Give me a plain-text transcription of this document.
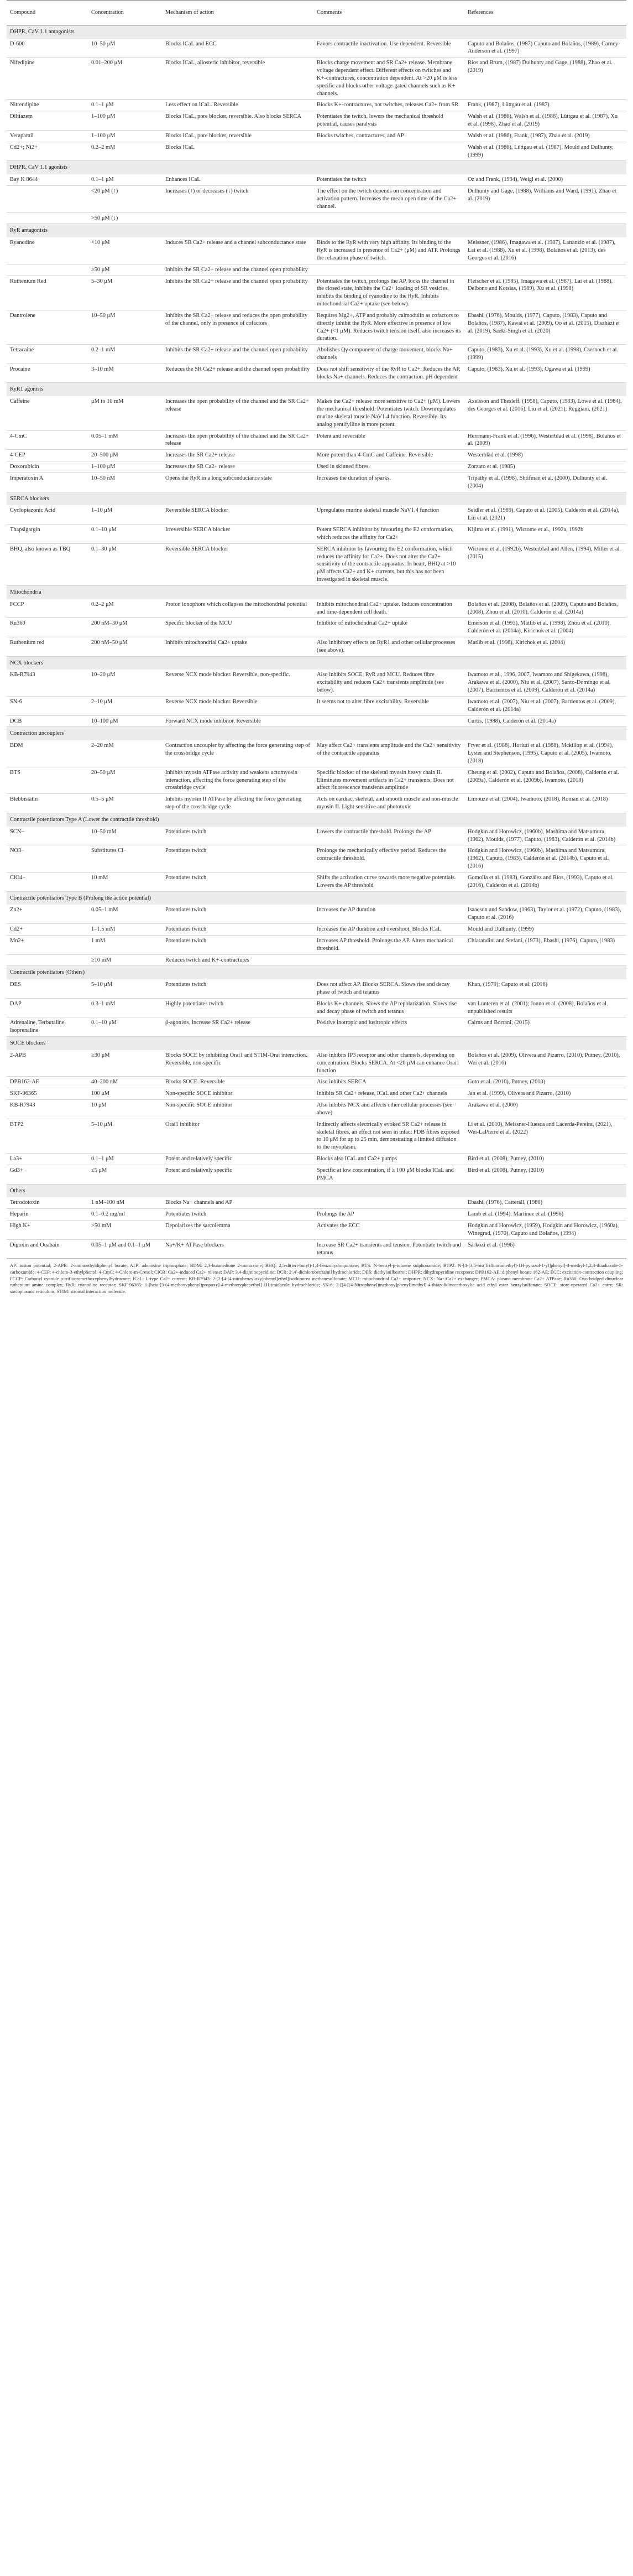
Compound	Concentration	Mechanism of action	Comments	References
DHPR, CaV 1.1 antagonists				
D-600	10–50 μM	Blocks ICaL and ECC	Favors contractile inactivation. Use dependent. Reversible	Caputo and Bolaños, (1987) Caputo and Bolaños, (1989), Carney-Anderson et al. (1997)
Nifedipine	0.01–200 μM	Blocks ICaL, allosteric inhibitor, reversible	Blocks charge movement and SR Ca2+ release. Membrane voltage dependent effect. Different effects on twitches and K+-contractures, concentration dependent. At >20 μM is less specific and blocks other voltage-gated channels such as K+ channels.	Ríos and Brum, (1987) Dulhunty and Gage, (1988), Zhao et al. (2019)
Nitrendipine	0.1–1 μM	Less effect on ICaL. Reversible	Blocks K+-contractures, not twitches, releases Ca2+ from SR	Frank, (1987), Lüttgau et al. (1987)
Diltiazem	1–100 μM	Blocks ICaL, pore blocker, reversible. Also blocks SERCA	Potentiates the twitch, lowers the mechanical threshold potential, causes paralysis	Walsh et al. (1986), Walsh et al. (1988), Lüttgau et al. (1987), Xu et al. (1998), Zhao et al. (2019)
Verapamil	1–100 μM	Blocks ICaL, pore blocker, reversible	Blocks twitches, contractures, and AP	Walsh et al. (1986), Frank, (1987), Zhao et al. (2019)
Cd2+; Ni2+	0.2–2 mM	Blocks ICaL		Walsh et al. (1986), Lüttgau et al. (1987), Mould and Dulhunty, (1999)
DHPR, CaV 1.1 agonists				
Bay K 8644	0.1–1 μM	Enhances ICaL	Potentiates the twitch	Oz and Frank, (1994), Weigl et al. (2000)
	<20 μM (↑)	Increases (↑) or decreases (↓) twitch	The effect on the twitch depends on concentration and activation pattern. Increases the mean open time of the Ca2+ channel.	Dulhunty and Gage, (1988), Williams and Ward, (1991), Zhao et al. (2019)
	>50 μM (↓)			
RyR antagonists				
Ryanodine	<10 μM	Induces SR Ca2+ release and a channel subconductance state	Binds to the RyR with very high affinity. Its binding to the RyR is increased in presence of Ca2+ (μM) and ATP. Prolongs the relaxation phase of twitch.	Meissner, (1986), Imagawa et al. (1987), Lattanzio et al. (1987), Lai et al. (1988), Xu et al. (1998), Bolaños et al. (2013), des Georges et al. (2016)
	≥50 μM	Inhibits the SR Ca2+ release and the channel open probability		
Ruthenium Red	5–30 μM	Inhibits the SR Ca2+ release and the channel open probability	Potentiates the twitch, prolongs the AP, locks the channel in the closed state, inhibits the Ca2+ loading of SR vesicles, inhibits the binding of ryanodine to the RyR. Inhibits mitochondrial Ca2+ uptake (see below).	Fleischer et al. (1985), Imagawa et al. (1987), Lai et al. (1988), Delbono and Kotsias, (1989), Xu et al. (1998)
Dantrolene	10–50 μM	Inhibits the SR Ca2+ release and reduces the open probability of the channel, only in presence of cofactors	Requires Mg2+, ATP and probably calmodulin as cofactors to directly inhibit the RyR. More effective in presence of low Ca2+ (<1 μM). Reduces twitch tension itself, also increases its duration.	Ebashi, (1976), Moulds, (1977), Caputo, (1983), Caputo and Bolaños, (1987), Kawai et al. (2009), Oo et al. (2015), Diszházi et al. (2019), Saeki-Singh et al. (2020)
Tetracaine	0.2–1 mM	Inhibits the SR Ca2+ release and the channel open probability	Abolishes Qγ component of charge movement, blocks Na+ channels	Caputo, (1983), Xu et al. (1993), Xu et al. (1998), Csernoch et al. (1999)
Procaine	3–10 mM	Reduces the SR Ca2+ release and the channel open probability	Does not shift sensitivity of the RyR to Ca2+. Reduces the AP, blocks Na+ channels. Reduces the contraction. pH dependent	Caputo, (1983), Xu et al. (1993), Ogawa et al. (1999)
RyR1 agonists				
Caffeine	μM to 10 mM	Increases the open probability of the channel and the SR Ca2+ release	Makes the Ca2+ release more sensitive to Ca2+ (μM). Lowers the mechanical threshold. Potentiates twitch. Downregulates murine skeletal muscle NaV1.4 function. Reversible. Its analog pentifylline is more potent.	Axelsson and Thesleff, (1958), Caputo, (1983), Lowe et al. (1984), des Georges et al. (2016), Liu et al. (2021), Reggiani, (2021)
4-CmC	0.05–1 mM	Increases the open probability of the channel and the SR Ca2+ release	Potent and reversible	Herrmann-Frank et al. (1996), Westerblad et al. (1998), Bolaños et al. (2009)
4-CEP	20–500 μM	Increases the SR Ca2+ release	More potent than 4-CmC and Caffeine. Reversible	Westerblad et al. (1998)
Doxorubicin	1–100 μM	Increases the SR Ca2+ release	Used in skinned fibres.	Zorzato et al. (1985)
Imperatoxin A	10–50 nM	Opens the RyR in a long subconductance state	Increases the duration of sparks.	Tripathy et al. (1998), Shtifman et al. (2000), Dulhunty et al. (2004)
SERCA blockers				
Cyclopiazonic Acid	1–10 μM	Reversible SERCA blocker	Upregulates murine skeletal muscle NaV1.4 function	Seidler et al. (1989), Caputo et al. (2005), Calderón et al. (2014a), Liu et al. (2021)
Thapsigargin	0.1–10 μM	Irreversible SERCA blocker	Potent SERCA inhibitor by favouring the E2 conformation, which reduces the affinity for Ca2+	Kijima et al. (1991), Wictome et al., 1992a, 1992b
BHQ, also known as TBQ	0.1–30 μM	Reversible SERCA blocker	SERCA inhibitor by favouring the E2 conformation, which reduces the affinity for Ca2+. Does not alter the Ca2+ sensitivity of the contractile apparatus. In heart, BHQ at >10 μM affects Ca2+ and K+ currents, but this has not been investigated in skeletal muscle.	Wictome et al. (1992b), Westerblad and Allen, (1994), Miller et al. (2015)
Mitochondria				
FCCP	0.2–2 μM	Proton ionophore which collapses the mitochondrial potential	Inhibits mitochondrial Ca2+ uptake. Induces concentration and time-dependent cell death.	Bolaños et al. (2008), Bolaños et al. (2009), Caputo and Bolaños, (2008), Zhou et al. (2010), Calderón et al. (2014a)
Ru360	200 nM–30 μM	Specific blocker of the MCU	Inhibitor of mitochondrial Ca2+ uptake	Emerson et al. (1993), Matlib et al. (1998), Zhou et al. (2010), Calderón et al. (2014a), Kirichok et al. (2004)
Ruthenium red	200 nM–50 μM	Inhibits mitochondrial Ca2+ uptake	Also inhibitory effects on RyR1 and other cellular processes (see above).	Matlib et al. (1998), Kirichok et al. (2004)
NCX blockers				
KB-R7943	10–20 μM	Reverse NCX mode blocker. Reversible, non-specific.	Also inhibits SOCE, RyR and MCU. Reduces fibre excitability and reduces Ca2+ transients amplitude (see below).	Iwamoto et al., 1996, 2007, Iwamoto and Shigekawa, (1998), Arakawa et al. (2000), Niu et al. (2007), Santo-Domingo et al. (2007), Barrientos et al. (2009), Calderón et al. (2014a)
SN-6	2–10 μM	Reverse NCX mode blocker. Reversible	It seems not to alter fibre excitability. Reversible	Iwamoto et al. (2007), Niu et al. (2007), Barrientos et al. (2009), Calderón et al. (2014a)
DCB	10–100 μM	Forward NCX mode inhibitor. Reversible		Curtis, (1988), Calderón et al. (2014a)
Contraction uncouplers				
BDM	2–20 mM	Contraction uncoupler by affecting the force generating step of the crossbridge cycle	May affect Ca2+ transients amplitude and the Ca2+ sensitivity of the contractile apparatus	Fryer et al. (1988), Horiuti et al. (1988), Mckillop et al. (1994), Lyster and Stephenson, (1995), Caputo et al. (2005), Iwamoto, (2018)
BTS	20–50 μM	Inhibits myosin ATPase activity and weakens actomyosin interaction, affecting the force generating step of the crossbridge cycle	Specific blocker of the skeletal myosin heavy chain II. Eliminates movement artifacts in Ca2+ transients. Does not affect fluorescence transients amplitude	Cheung et al. (2002), Caputo and Bolaños, (2008), Calderón et al. (2009a), Calderón et al. (2009b), Iwamoto, (2018)
Blebbistatin	0.5–5 μM	Inhibits myosin II ATPase by affecting the force generating step of the crossbridge cycle	Acts on cardiac, skeletal, and smooth muscle and non-muscle myosin II. Light sensitive and phototoxic	Limouze et al. (2004), Iwamoto, (2018), Roman et al. (2018)
Contractile potentiators Type A (Lower the contractile threshold)				
SCN−	10–50 mM	Potentiates twitch	Lowers the contractile threshold. Prolongs the AP	Hodgkin and Horowicz, (1960b), Mashima and Matsumura, (1962), Moulds, (1977), Caputo, (1983), Calderón et al. (2014b)
NO3−	Substitutes Cl−	Potentiates twitch	Prolongs the mechanically effective period. Reduces the contractile threshold.	Hodgkin and Horowicz, (1960b), Mashima and Matsumura, (1962), Caputo, (1983), Calderón et al. (2014b), Caputo et al. (2016)
ClO4−	10 mM	Potentiates twitch	Shifts the activation curve towards more negative potentials. Lowers the AP threshold	Gomolla et al. (1983), González and Ríos, (1993), Caputo et al. (2016), Calderón et al. (2014b)
Contractile potentiators Type B (Prolong the action potential)				
Zn2+	0.05–1 mM	Potentiates twitch	Increases the AP duration	Isaacson and Sandow, (1963), Taylor et al. (1972), Caputo, (1983), Caputo et al. (2016)
Cd2+	1–1.5 mM	Potentiates twitch	Increases the AP duration and overshoot. Blocks ICaL	Mould and Dulhunty, (1999)
Mn2+	1 mM	Potentiates twitch	Increases AP threshold. Prolongs the AP. Alters mechanical threshold.	Chiarandini and Stefani, (1973), Ebashi, (1976), Caputo, (1983)
	≥10 mM	Reduces twitch and K+-contractures		
Contractile potentiators (Others)				
DES	5–10 μM	Potentiates twitch	Does not affect AP. Blocks SERCA. Slows rise and decay phase of twitch and tetanus	Khan, (1979); Caputo et al. (2016)
DAP	0.3–1 mM	Highly potentiates twitch	Blocks K+ channels. Slows the AP repolarization. Slows rise and decay phase of twitch and tetanus	van Lunteren et al. (2001); Jonno et al. (2008), Bolaños et al. unpublished results
Adrenaline, Terbutaline, Isoprenaline	0.1–10 μM	β-agonists, increase SR Ca2+ release	Positive inotropic and lusitropic effects	Cairns and Borrani, (2015)
SOCE blockers				
2-APB	≥30 μM	Blocks SOCE by inhibiting Orai1 and STIM-Orai interaction. Reversible, non-specific	Also inhibits IP3 receptor and other channels, depending on concentration. Blocks SERCA. At <20 μM can enhance Orai1 function	Bolaños et al. (2009), Olivera and Pizarro, (2010), Putney, (2010), Wei et al. (2016)
DPB162-AE	40–200 nM	Blocks SOCE. Reversible	Also inhibits SERCA	Goto et al. (2010), Putney, (2010)
SKF-96365	100 μM	Non-specific SOCE inhibitor	Inhibits SR Ca2+ release, ICaL and other Ca2+ channels	Jan et al. (1999), Olivera and Pizarro, (2010)
KB-R7943	10 μM	Non-specific SOCE inhibitor	Also inhibits NCX and affects other cellular processes (see above)	Arakawa et al. (2000)
BTP2	5–10 μM	Orai1 inhibitor	Indirectly affects electrically evoked SR Ca2+ release in skeletal fibres, an effect not seen in intact FDB fibres exposed to 10 μM for up to 25 min, demonstrating a limited diffusion to the myoplasm.	Li et al. (2010), Meissner-Huesca and Lacerda-Pereira, (2021), Wei-LaPierre et al. (2022)
La3+	0.1–1 μM	Potent and relatively specific	Blocks also ICaL and Ca2+ pumps	Bird et al. (2008), Putney, (2010)
Gd3+	≤5 μM	Potent and relatively specific	Specific at low concentration, if ≥ 100 μM blocks ICaL and PMCA	Bird et al. (2008), Putney, (2010)
Others				
Tetrodotoxin	1 nM–100 nM	Blocks Na+ channels and AP		Ebashi, (1976), Catterall, (1980)
Heparin	0.1–0.2 mg/ml	Potentiates twitch	Prolongs the AP	Lamb et al. (1994), Martínez et al. (1996)
High K+	>50 mM	Depolarizes the sarcolemma	Activates the ECC	Hodgkin and Horowicz, (1959), Hodgkin and Horowicz, (1960a), Winegrad, (1970), Caputo and Bolaños, (1994)
Digoxin and Ouabain	0.05–1 μM and 0.1–1 μM	Na+/K+ ATPase blockers	Increase SR Ca2+ transients and tension. Potentiate twitch and tetanus	Sárközi et al. (1996)
AP: action potential; 2-APB: 2-aminoethyldiphenyl borate; ATP: adenosine triphosphate; BDM: 2,3-butanedione 2-monoxime; BHQ: 2,5-di(tert-butyl)-1,4-benzohydroquinone; BTS: N-benzyl-p-toluene sulphonamide; BTP2: N-[4-[3,5-bis(Trifluoromethyl)-1H-pyrazol-1-yl]phenyl]-4-methyl-1,2,3-thiadiazole-5-carboxamide; 4-CEP: 4-chloro-3-ethylphenol; 4-CmC: 4-Chloro-m-Cresol; CICR: Ca2+-induced Ca2+ release; DAP: 3,4-diaminopyridine; DCB: 2′,4′-dichlorobenzamil hydrochloride; DES: diethylstilbestrol; DHPR: dihydropyridine receptors; DPB162-AE: diphenyl borate 162-AE; ECC: excitation-contraction coupling; FCCP: Carbonyl cyanide p-trifluoromethoxyphenylhydrazone; ICaL: L-type Ca2+ current; KB-R7943: 2-[2-[4-(4-nitrobenzyloxy)phenyl]ethyl]isothiourea methanesulfonate; MCU: mitochondrial Ca2+ uniporter; NCX: Na+/Ca2+ exchanger; PMCA: plasma membrane Ca2+ ATPase; Ru360: Oxo-bridged dinuclear ruthenium amine complex; RyR: ryanodine receptor; SKF-96365: 1-[beta-[3-(4-methoxyphenyl)propoxy]-4-methoxyphenethyl]-1H-imidazole hydrochloride; SN-6: 2-[[4-[(4-Nitrophenyl)methoxy]phenyl]methyl]-4-thiazolidinecarboxylic acid ethyl ester benzylsulfonate; SOCE: store-operated Ca2+ entry; SR: sarcoplasmic reticulum; STIM: stromal interaction molecule.
